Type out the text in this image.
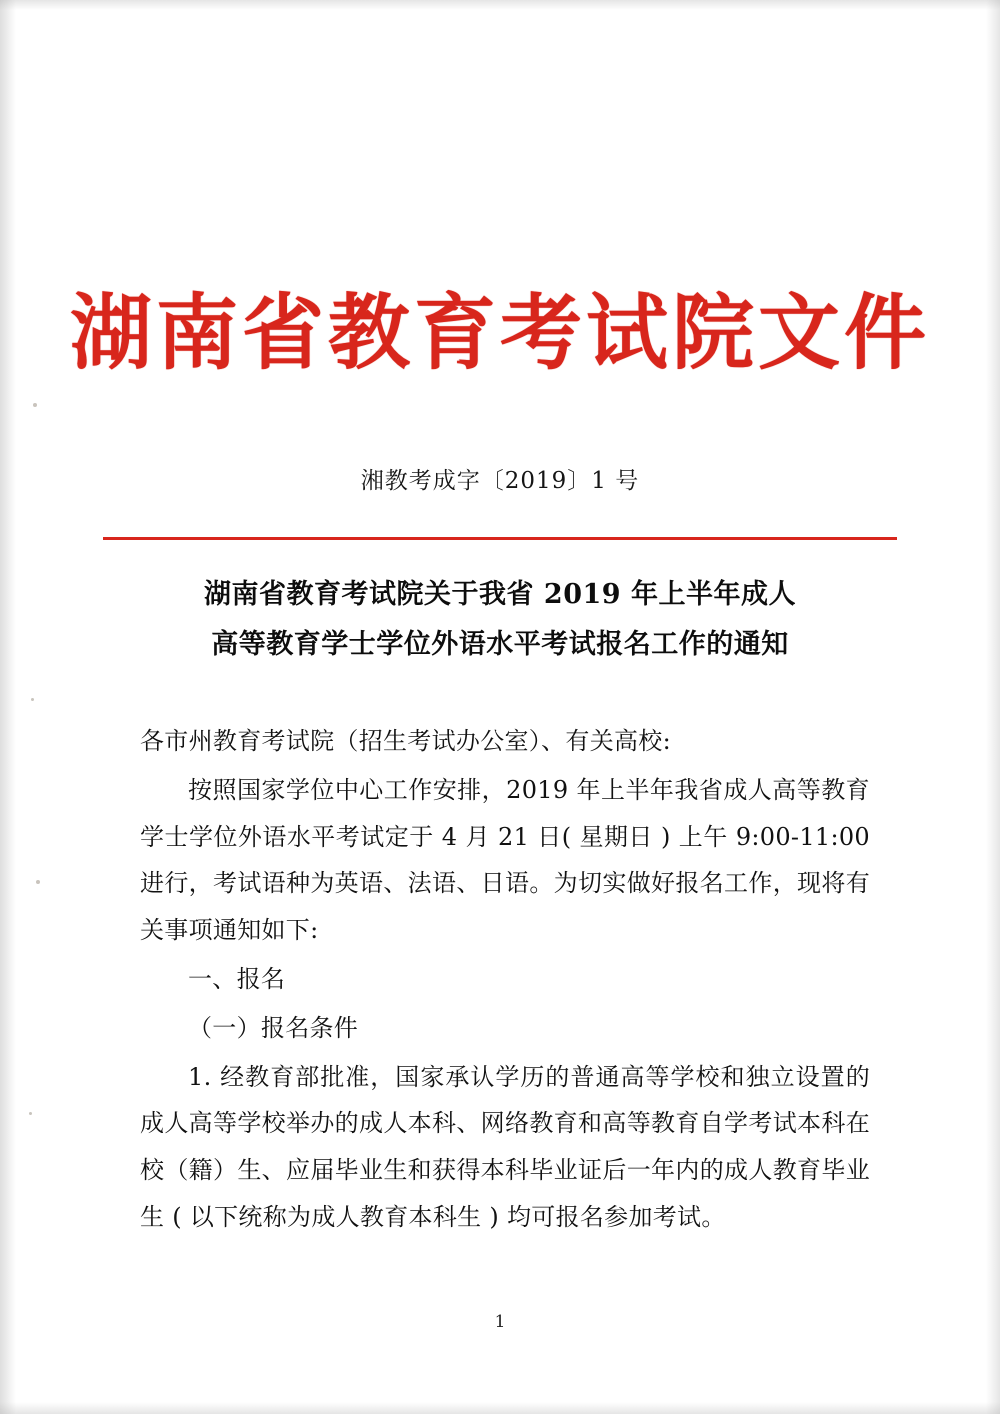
湖南省教育考试院文件
湘教考成字〔2019〕1 号
湖南省教育考试院关于我省 2019 年上半年成人
高等教育学士学位外语水平考试报名工作的通知

各市州教育考试院（招生考试办公室）、有关高校:

按照国家学位中心工作安排，2019 年上半年我省成人高等教育学士学位外语水平考试定于 4 月 21 日( 星期日 ) 上午 9:00-11:00 进行，考试语种为英语、法语、日语。为切实做好报名工作，现将有关事项通知如下:

一、报名

（一）报名条件

1. 经教育部批准，国家承认学历的普通高等学校和独立设置的成人高等学校举办的成人本科、网络教育和高等教育自学考试本科在校（籍）生、应届毕业生和获得本科毕业证后一年内的成人教育毕业生 ( 以下统称为成人教育本科生 ) 均可报名参加考试。

1
